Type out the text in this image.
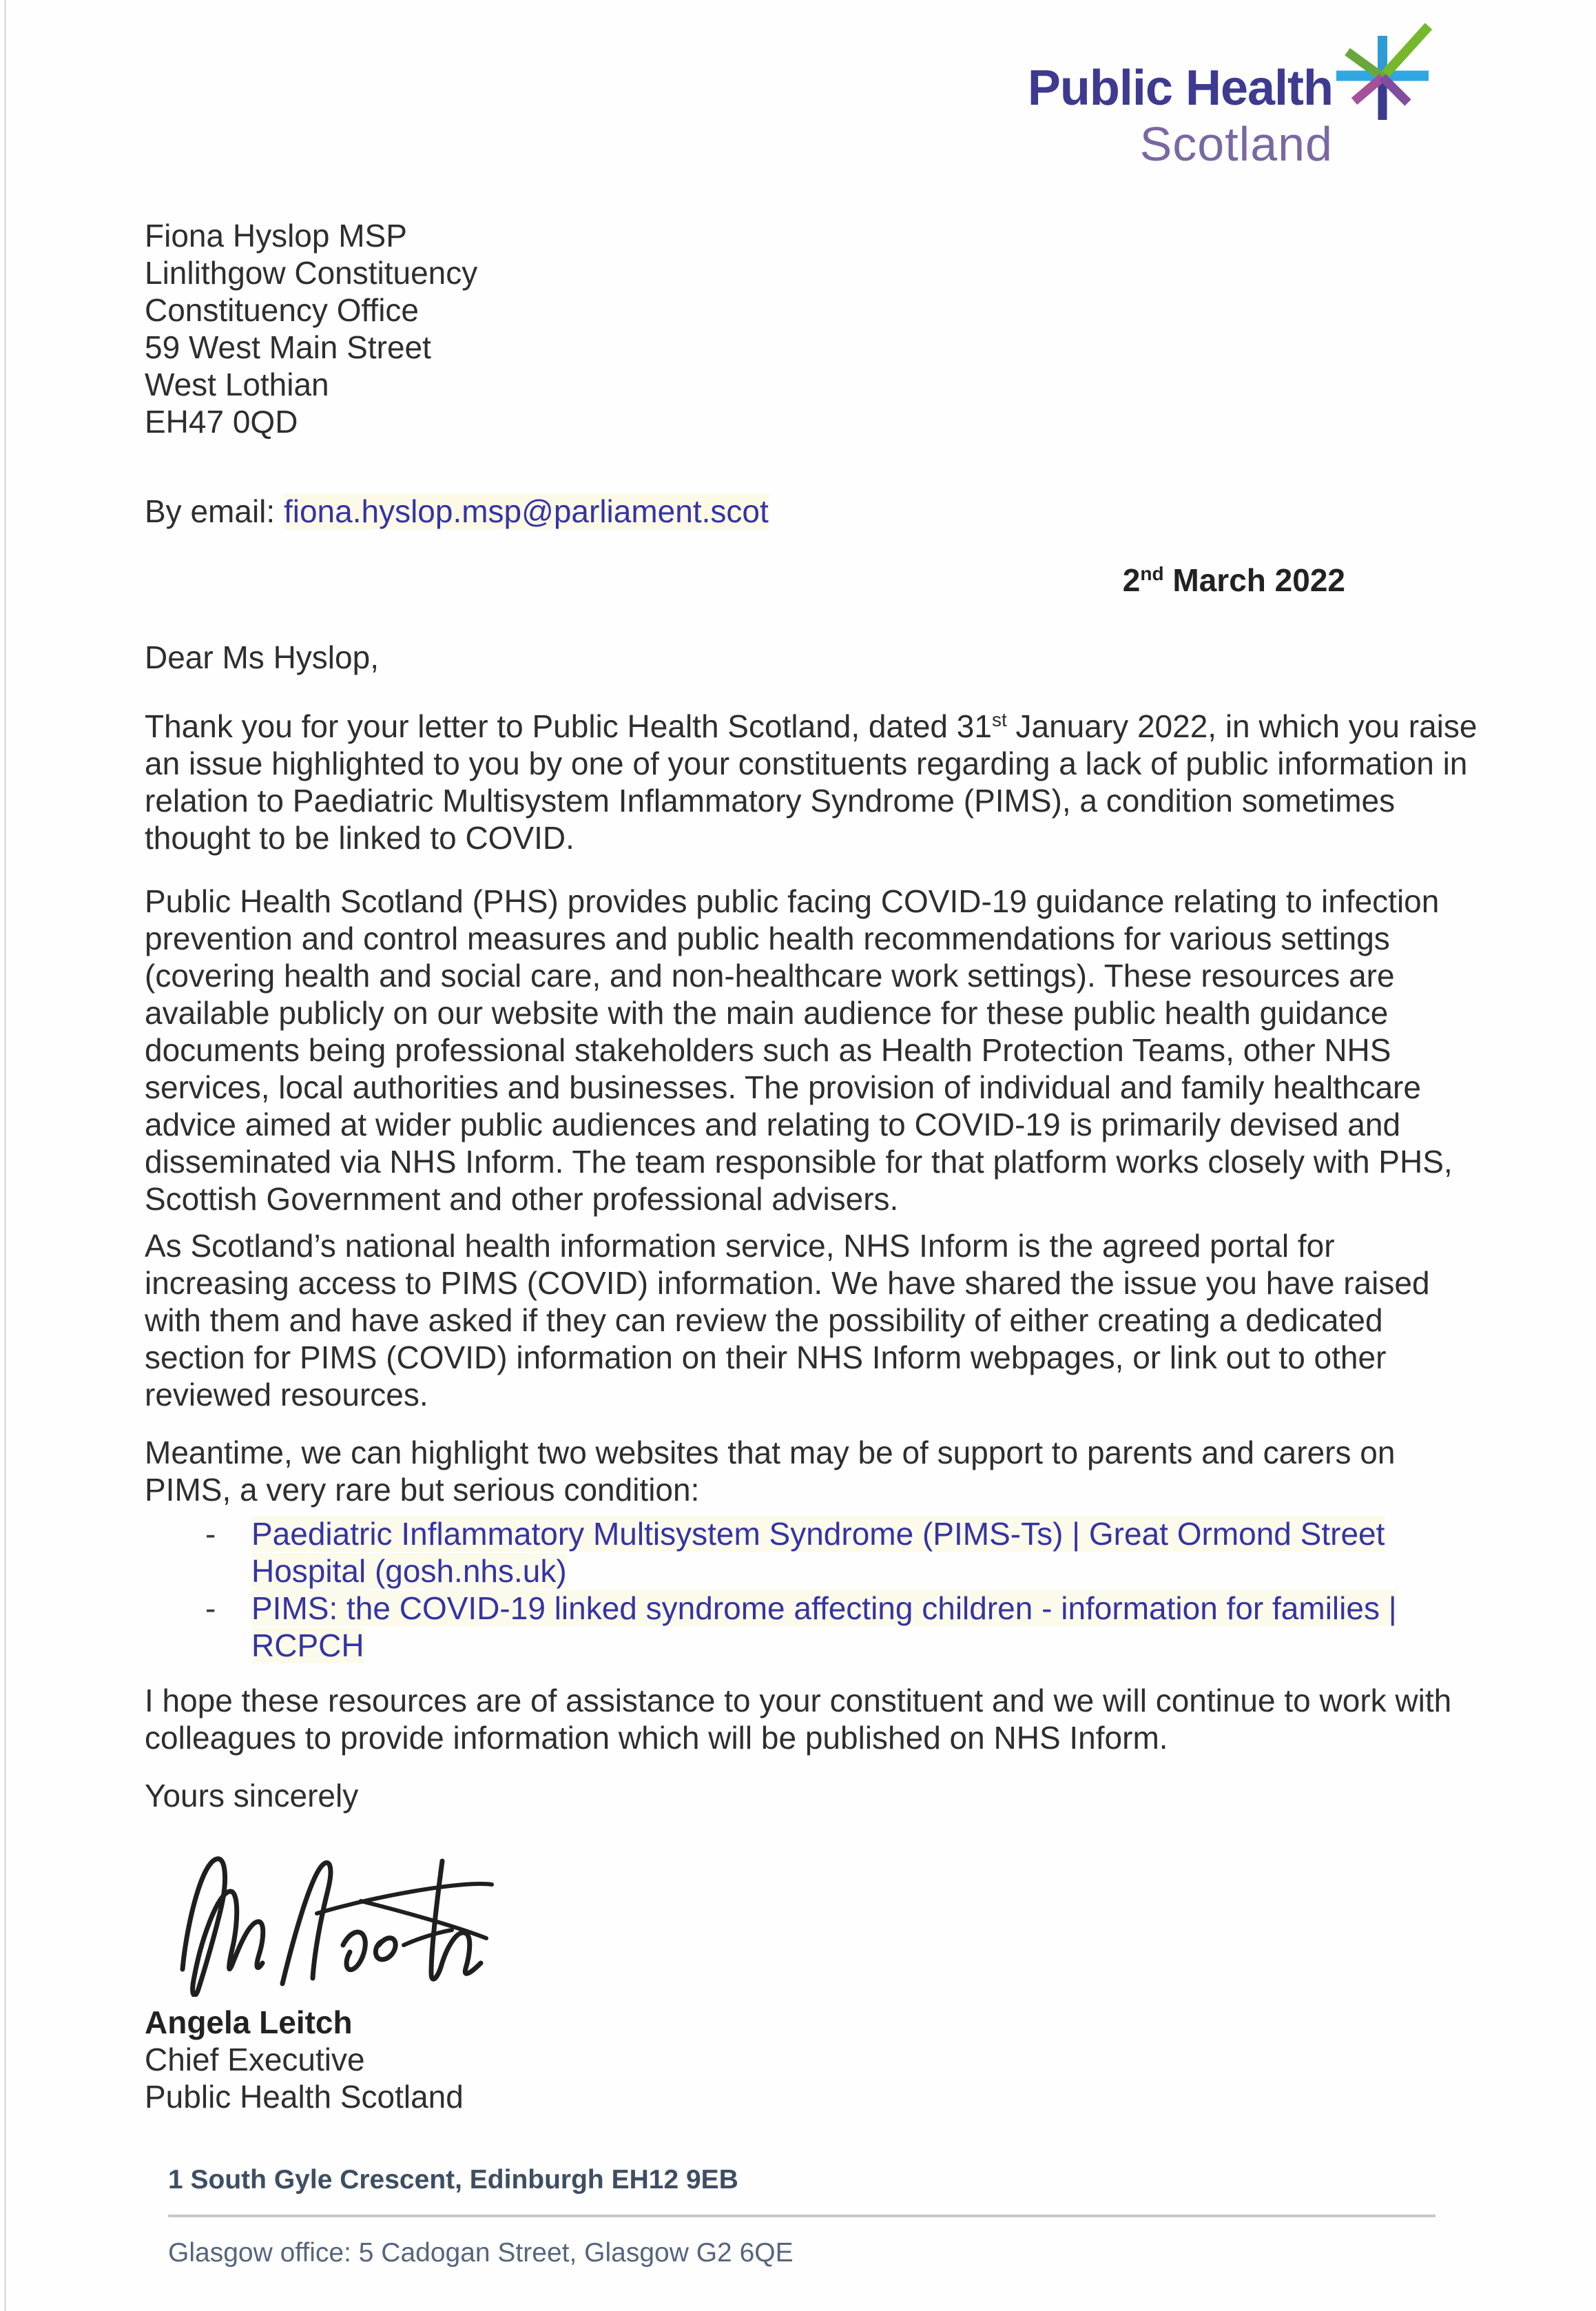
Public Health
Scotland
Fiona Hyslop MSP
Linlithgow Constituency
Constituency Office
59 West Main Street
West Lothian
EH47 0QD
By email: fiona.hyslop.msp@parliament.scot
2nd March 2022
Dear Ms Hyslop,

Thank you for your letter to Public Health Scotland, dated 31st January 2022, in which you raise an issue highlighted to you by one of your constituents regarding a lack of public information in relation to Paediatric Multisystem Inflammatory Syndrome (PIMS), a condition sometimes thought to be linked to COVID.

Public Health Scotland (PHS) provides public facing COVID-19 guidance relating to infection prevention and control measures and public health recommendations for various settings (covering health and social care, and non-healthcare work settings). These resources are available publicly on our website with the main audience for these public health guidance documents being professional stakeholders such as Health Protection Teams, other NHS services, local authorities and businesses. The provision of individual and family healthcare advice aimed at wider public audiences and relating to COVID-19 is primarily devised and disseminated via NHS Inform. The team responsible for that platform works closely with PHS, Scottish Government and other professional advisers.

As Scotland’s national health information service, NHS Inform is the agreed portal for increasing access to PIMS (COVID) information. We have shared the issue you have raised with them and have asked if they can review the possibility of either creating a dedicated section for PIMS (COVID) information on their NHS Inform webpages, or link out to other reviewed resources.

Meantime, we can highlight two websites that may be of support to parents and carers on PIMS, a very rare but serious condition:

- Paediatric Inflammatory Multisystem Syndrome (PIMS-Ts) | Great Ormond Street Hospital (gosh.nhs.uk)
- PIMS: the COVID-19 linked syndrome affecting children - information for families | RCPCH

I hope these resources are of assistance to your constituent and we will continue to work with colleagues to provide information which will be published on NHS Inform.

Yours sincerely
Angela Leitch
Chief Executive
Public Health Scotland
1 South Gyle Crescent, Edinburgh EH12 9EB
Glasgow office: 5 Cadogan Street, Glasgow G2 6QE
